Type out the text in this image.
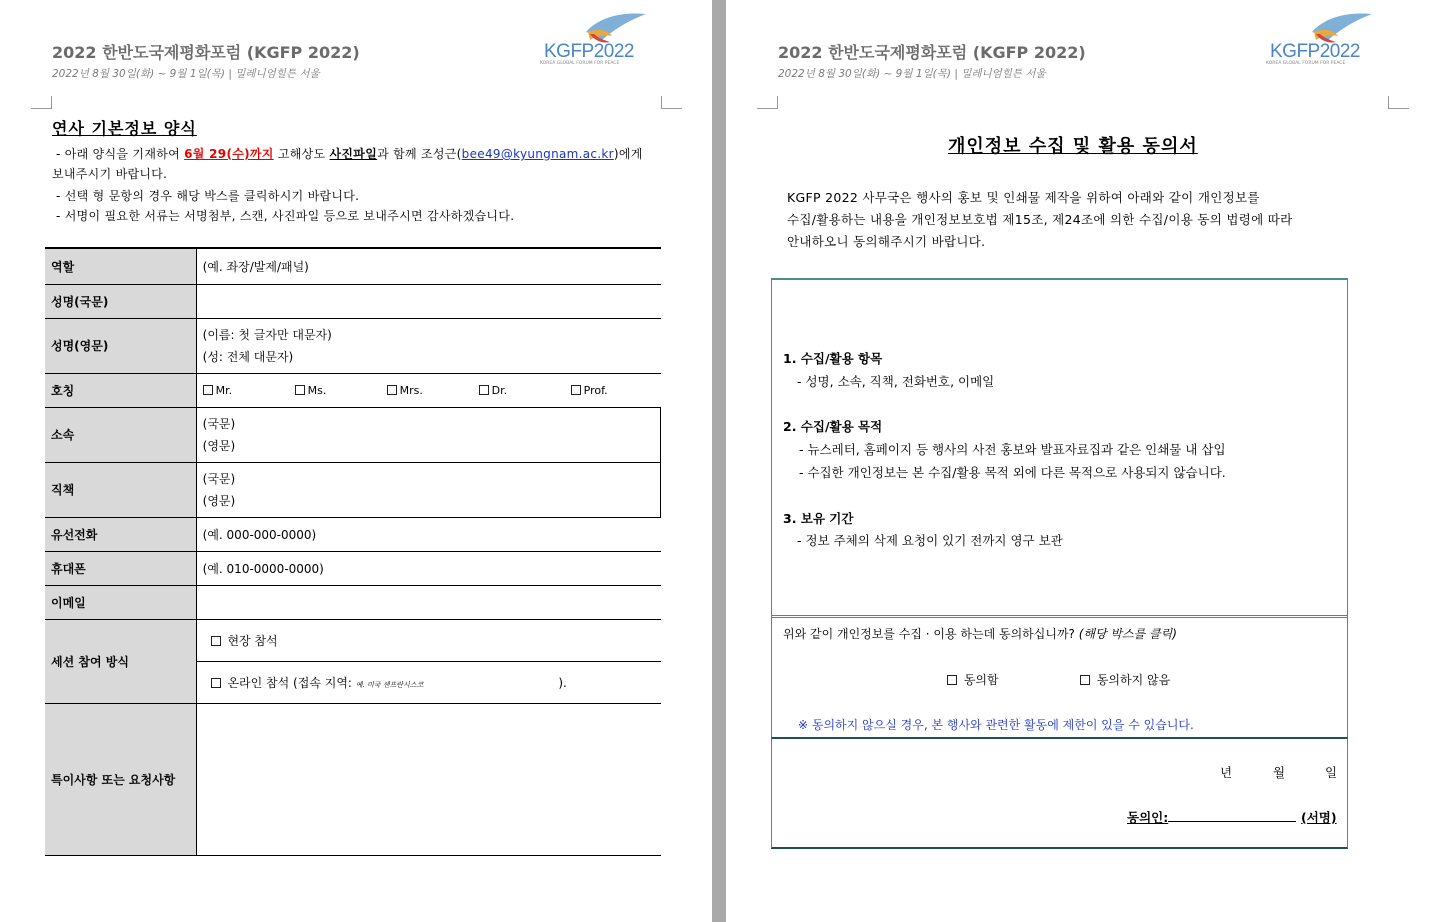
2022 한반도국제평화포럼 (KGFP 2022)
2022년 8월 30일(화) ~ 9월 1일(목) | 밀레니엄힐튼 서울
KGFP2022
KOREA GLOBAL FORUM FOR PEACE
연사 기본정보 양식
- 아래 양식을 기재하여 6월 29(수)까지 고해상도 사진파일과 함께 조성근(bee49@kyungnam.ac.kr)에게
보내주시기 바랍니다.
- 선택 형 문항의 경우 해당 박스를 클릭하시기 바랍니다.
- 서명이 필요한 서류는 서명첨부, 스캔, 사진파일 등으로 보내주시면 감사하겠습니다.
역할	(예. 좌장/발제/패널)
성명(국문)	
성명(영문)	(이름: 첫 글자만 대문자)
(성: 전체 대문자)

호칭	Mr. Ms. Mrs. Dr. Prof.
소속	(국문)
(영문)

직책	(국문)
(영문)

유선전화	(예. 000-000-0000)
휴대폰	(예. 010-0000-0000)
이메일	
세션 참여 방식	현장 참석
	온라인 참석 (접속 지역: 예. 미국 샌프란시스코 ).
특이사항 또는 요청사항	
2022 한반도국제평화포럼 (KGFP 2022)
2022년 8월 30일(화) ~ 9월 1일(목) | 밀레니엄힐튼 서울
KGFP2022
KOREA GLOBAL FORUM FOR PEACE
개인정보 수집 및 활용 동의서
KGFP 2022 사무국은 행사의 홍보 및 인쇄물 제작을 위하여 아래와 같이 개인정보를
수집/활용하는 내용을 개인정보보호법 제15조, 제24조에 의한 수집/이용 동의 법령에 따라
안내하오니 동의해주시기 바랍니다.
1. 수집/활용 항목
- 성명, 소속, 직책, 전화번호, 이메일
2. 수집/활용 목적
- 뉴스레터, 홈페이지 등 행사의 사전 홍보와 발표자료집과 같은 인쇄물 내 삽입
- 수집한 개인정보는 본 수집/활용 목적 외에 다른 목적으로 사용되지 않습니다.
3. 보유 기간
- 정보 주체의 삭제 요청이 있기 전까지 영구 보관
위와 같이 개인정보를 수집 · 이용 하는데 동의하십니까? (해당 박스를 클릭)
동의함	동의하지 않음
※ 동의하지 않으실 경우, 본 행사와 관련한 활동에 제한이 있을 수 있습니다.
년	월	일
동의인:	(서명)
